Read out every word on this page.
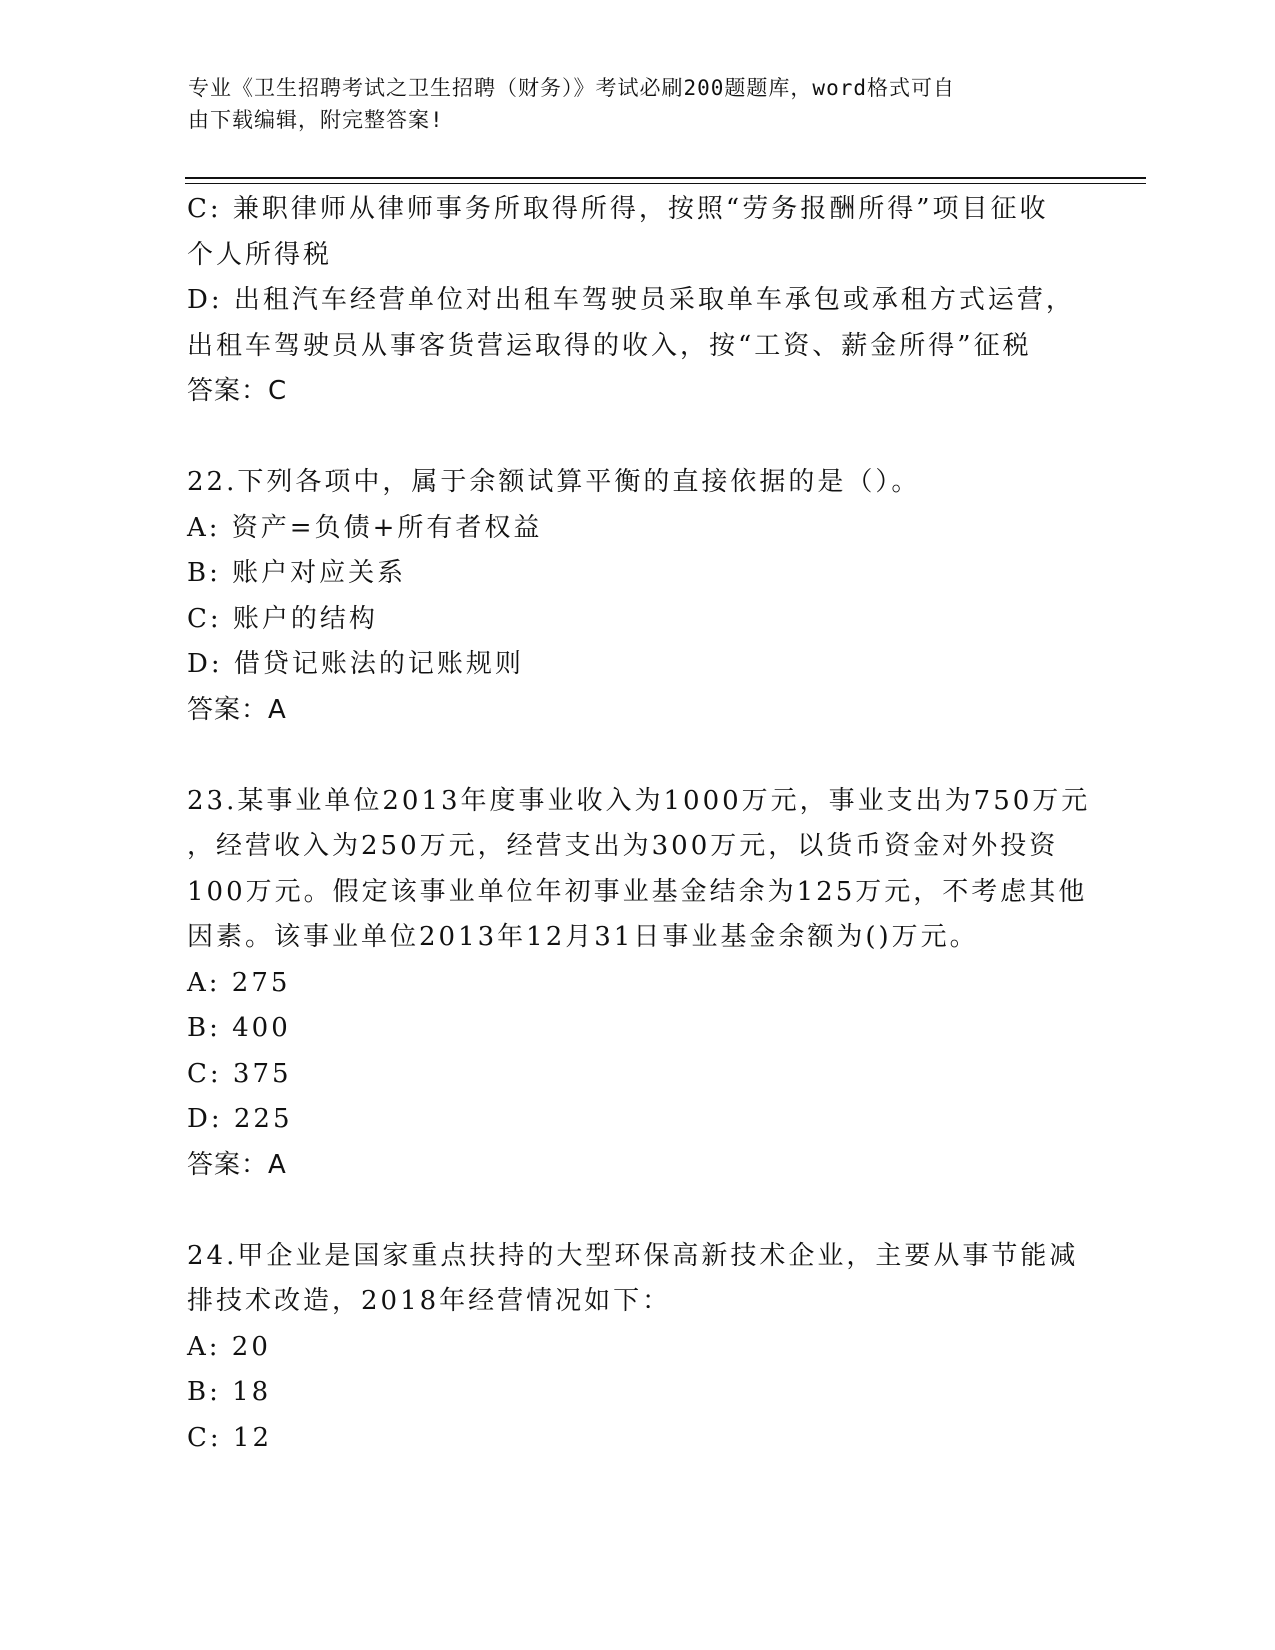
专业《卫生招聘考试之卫生招聘（财务）》考试必刷200题题库，word格式可自
由下载编辑，附完整答案!
C: 兼职律师从律师事务所取得所得，按照“劳务报酬所得”项目征收
个人所得税
D: 出租汽车经营单位对出租车驾驶员采取单车承包或承租方式运营，
出租车驾驶员从事客货营运取得的收入，按“工资、薪金所得”征税
答案：C
22.下列各项中，属于余额试算平衡的直接依据的是（）。
A: 资产=负债+所有者权益
B: 账户对应关系
C: 账户的结构
D: 借贷记账法的记账规则
答案：A
23.某事业单位2013年度事业收入为1000万元，事业支出为750万元
，经营收入为250万元，经营支出为300万元，以货币资金对外投资
100万元。假定该事业单位年初事业基金结余为125万元，不考虑其他
因素。该事业单位2013年12月31日事业基金余额为()万元。
A: 275
B: 400
C: 375
D: 225
答案：A
24.甲企业是国家重点扶持的大型环保高新技术企业，主要从事节能减
排技术改造，2018年经营情况如下：
A: 20
B: 18
C: 12
